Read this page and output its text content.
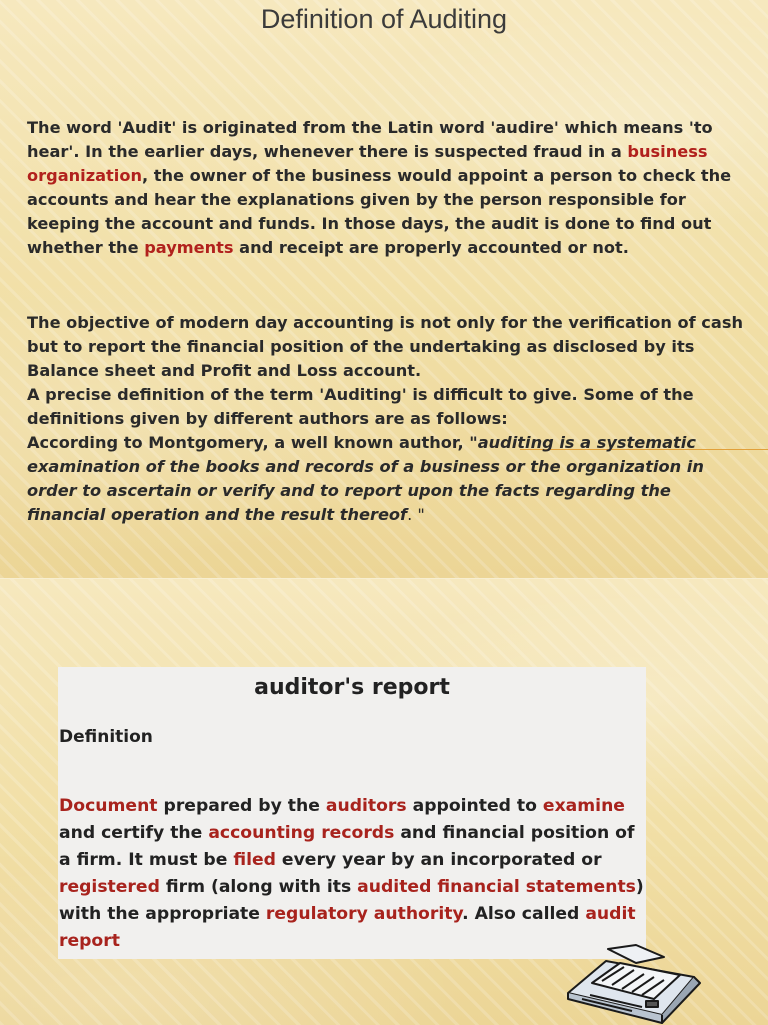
Definition of Auditing
The word 'Audit' is originated from the Latin word 'audire' which means 'to hear'. In the earlier days, whenever there is suspected fraud in a business organization, the owner of the business would appoint a person to check the accounts and hear the explanations given by the person responsible for keeping the account and funds. In those days, the audit is done to find out whether the payments and receipt are properly accounted or not.
The objective of modern day accounting is not only for the verification of cash but to report the financial position of the undertaking as disclosed by its Balance sheet and Profit and Loss account.
A precise definition of the term 'Auditing' is difficult to give. Some of the definitions given by different authors are as follows:
According to Montgomery, a well known author, "auditing is a systematic examination of the books and records of a business or the organization in order to ascertain or verify and to report upon the facts regarding the financial operation and the result thereof. "
auditor's report
Definition
Document prepared by the auditors appointed to examine and certify the accounting records and financial position of a firm. It must be filed every year by an incorporated or registered firm (along with its audited financial statements) with the appropriate regulatory authority. Also called audit report
